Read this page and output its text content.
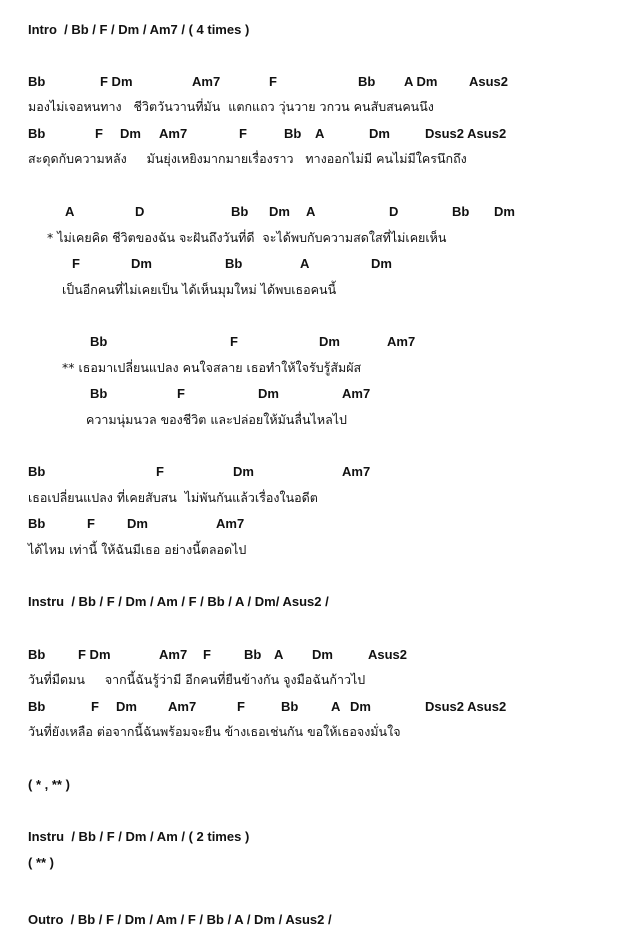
Intro  / Bb / F / Dm / Am7 / ( 4 times )

Bb

	F Dm

	Am7

	F

	Bb

A Dm

Asus2

มองไม่เจอหนทาง   ชีวิตวันวานที่มัน  แตกแถว วุ่นวาย วกวน คนสับสนคนนึง

Bb

	F

Dm

Am7

	F

	Bb

A

	Dm

	Dsus2 Asus2

สะดุดกับความหลัง     มันยุ่งเหยิงมากมายเรื่องราว   ทางออกไม่มี คนไม่มีใครนึกถึง

A

	D

	Bb

Dm

A

	D

	Bb

Dm

* ไม่เคยคิด ชีวิตของฉัน จะฝันถึงวันที่ดี  จะได้พบกับความสดใสที่ไม่เคยเห็น

F

	Dm

	Bb

	A

	Dm

เป็นอีกคนที่ไม่เคยเป็น ได้เห็นมุมใหม่ ได้พบเธอคนนี้

Bb

	F

	Dm

	Am7

** เธอมาเปลี่ยนแปลง คนใจสลาย เธอทำให้ใจรับรู้สัมผัส

Bb

	F

	Dm

	Am7

ความนุ่มนวล ของชีวิต และปล่อยให้มันลื่นไหลไป

Bb

	F

	Dm

	Am7

เธอเปลี่ยนแปลง ที่เคยสับสน  ไม่พันกันแล้วเรื่องในอดีต

Bb

	F

Dm

	Am7

ได้ไหม เท่านี้ ให้ฉันมีเธอ อย่างนี้ตลอดไป
Instru  / Bb / F / Dm / Am / F / Bb / A / Dm/ Asus2 /

Bb

	F Dm

	Am7

F

	Bb

A

Dm

	Asus2

วันที่มืดมน     จากนี้ฉันรู้ว่ามี อีกคนที่ยืนข้างกัน จูงมือฉันก้าวไป

Bb

	F

Dm

Am7

	F

	Bb

	A

Dm

	Dsus2 Asus2

วันที่ยังเหลือ ต่อจากนี้ฉันพร้อมจะยืน ข้างเธอเช่นกัน ขอให้เธอจงมั่นใจ
( * , ** )
Instru  / Bb / F / Dm / Am / ( 2 times )
( ** )
Outro  / Bb / F / Dm / Am / F / Bb / A / Dm / Asus2 /
